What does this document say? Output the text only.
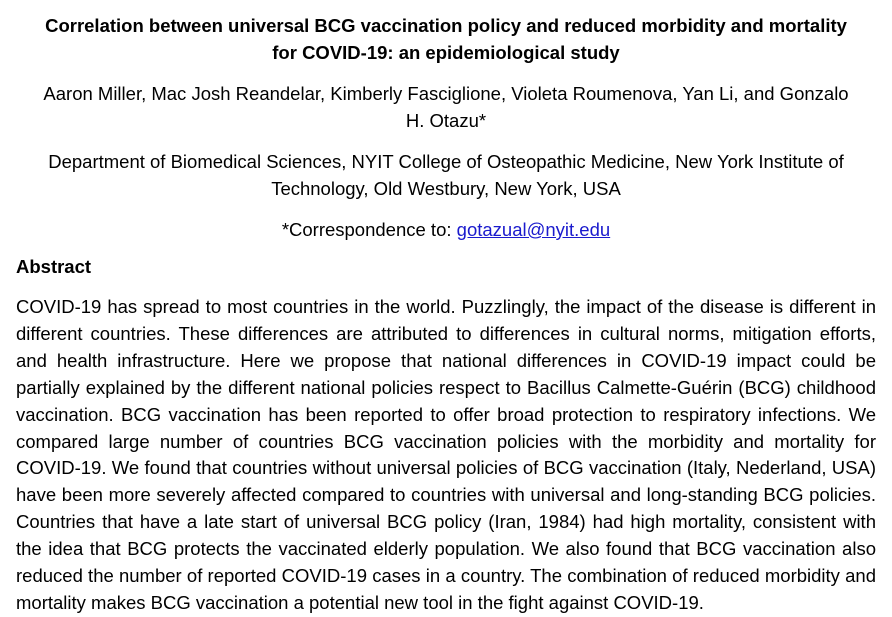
Correlation between universal BCG vaccination policy and reduced morbidity and mortality for COVID-19: an epidemiological study
Aaron Miller, Mac Josh Reandelar, Kimberly Fasciglione, Violeta Roumenova, Yan Li, and Gonzalo H. Otazu*
Department of Biomedical Sciences, NYIT College of Osteopathic Medicine, New York Institute of Technology, Old Westbury, New York, USA
*Correspondence to: gotazual@nyit.edu
Abstract
COVID-19 has spread to most countries in the world. Puzzlingly, the impact of the disease is different in different countries. These differences are attributed to differences in cultural norms, mitigation efforts, and health infrastructure. Here we propose that national differences in COVID-19 impact could be partially explained by the different national policies respect to Bacillus Calmette-Guérin (BCG) childhood vaccination. BCG vaccination has been reported to offer broad protection to respiratory infections. We compared large number of countries BCG vaccination policies with the morbidity and mortality for COVID-19. We found that countries without universal policies of BCG vaccination (Italy, Nederland, USA) have been more severely affected compared to countries with universal and long-standing BCG policies. Countries that have a late start of universal BCG policy (Iran, 1984) had high mortality, consistent with the idea that BCG protects the vaccinated elderly population. We also found that BCG vaccination also reduced the number of reported COVID-19 cases in a country. The combination of reduced morbidity and mortality makes BCG vaccination a potential new tool in the fight against COVID-19.
